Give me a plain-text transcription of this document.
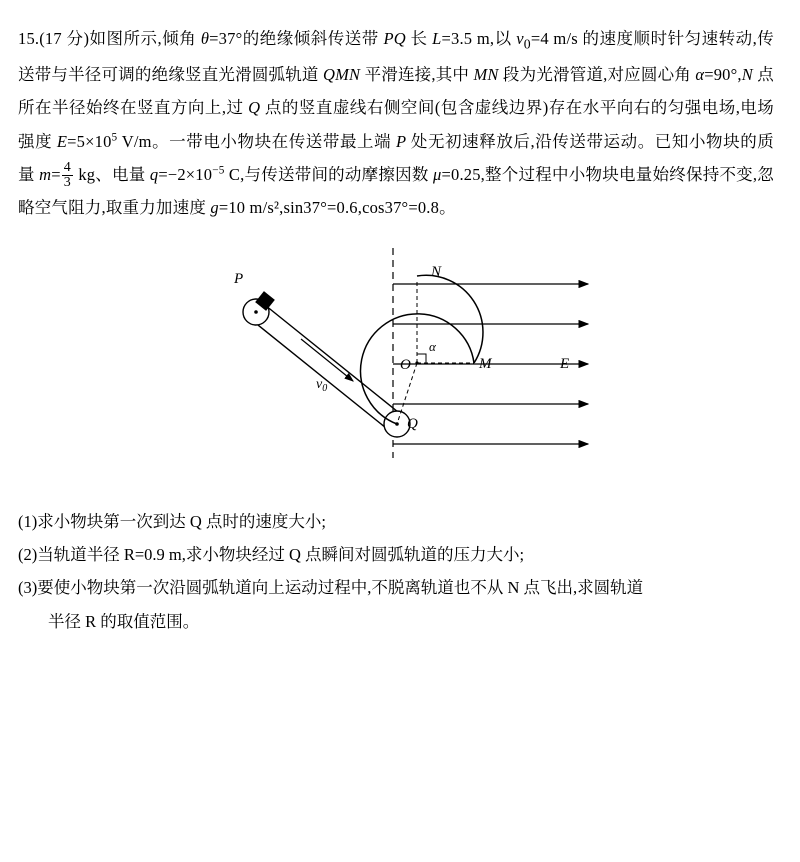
15.(17 分)如图所示,倾角 θ=37°的绝缘倾斜传送带 PQ 长 L=3.5 m,以 $v_0=4$ m/s 的速度顺时针匀速转动,传送带与半径可调的绝缘竖直光滑圆弧轨道 QMN 平滑连接,其中 MN 段为光滑管道,对应圆心角 α=90°,N 点所在半径始终在竖直方向上,过 Q 点的竖直虚线右侧空间(包含虚线边界)存在水平向右的匀强电场,电场强度 $E=5\times 10^5$ V/m。一带电小物块在传送带最上端 P 处无初速释放后,沿传送带运动。已知小物块的质量 $m= \frac{4}{3}$ kg、电量 $q=-2\times 10^{-5}$ C,与传送带间的动摩擦因数 μ=0.25,整个过程中小物块电量始终保持不变,忽略空气阻力,取重力加速度 g=10 m/s²,sin37°=0.6,cos37°=0.8。
P	N
O
α
M	E
Q
$v_0$
(1)求小物块第一次到达 Q 点时的速度大小;
(2)当轨道半径 R=0.9 m,求小物块经过 Q 点瞬间对圆弧轨道的压力大小;
(3)要使小物块第一次沿圆弧轨道向上运动过程中,不脱离轨道也不从 N 点飞出,求圆轨道
半径 R 的取值范围。
